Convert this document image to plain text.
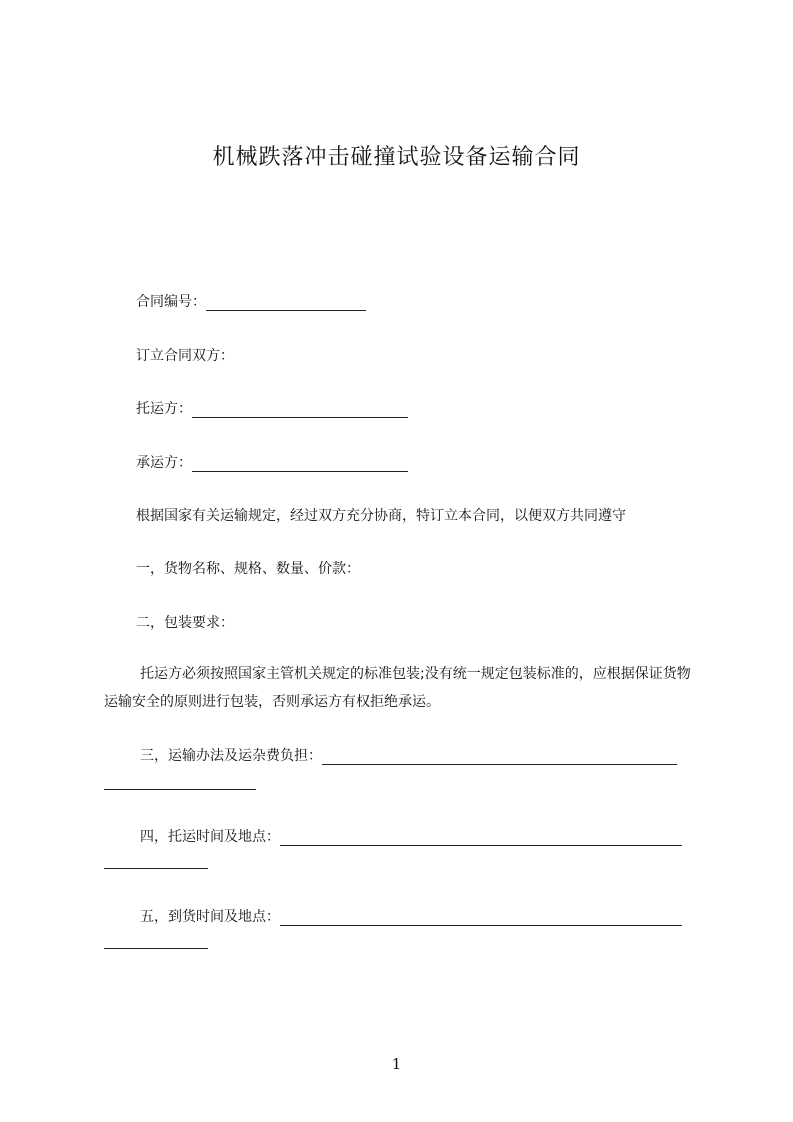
机械跌落冲击碰撞试验设备运输合同
合同编号：
订立合同双方：
托运方：
承运方：
根据国家有关运输规定，经过双方充分协商，特订立本合同，以便双方共同遵守
一，货物名称、规格、数量、价款：
二，包装要求：
托运方必须按照国家主管机关规定的标准包装;没有统一规定包装标准的，应根据保证货物运输安全的原则进行包装，否则承运方有权拒绝承运。
三，运输办法及运杂费负担：
四，托运时间及地点：
五，到货时间及地点：
1
